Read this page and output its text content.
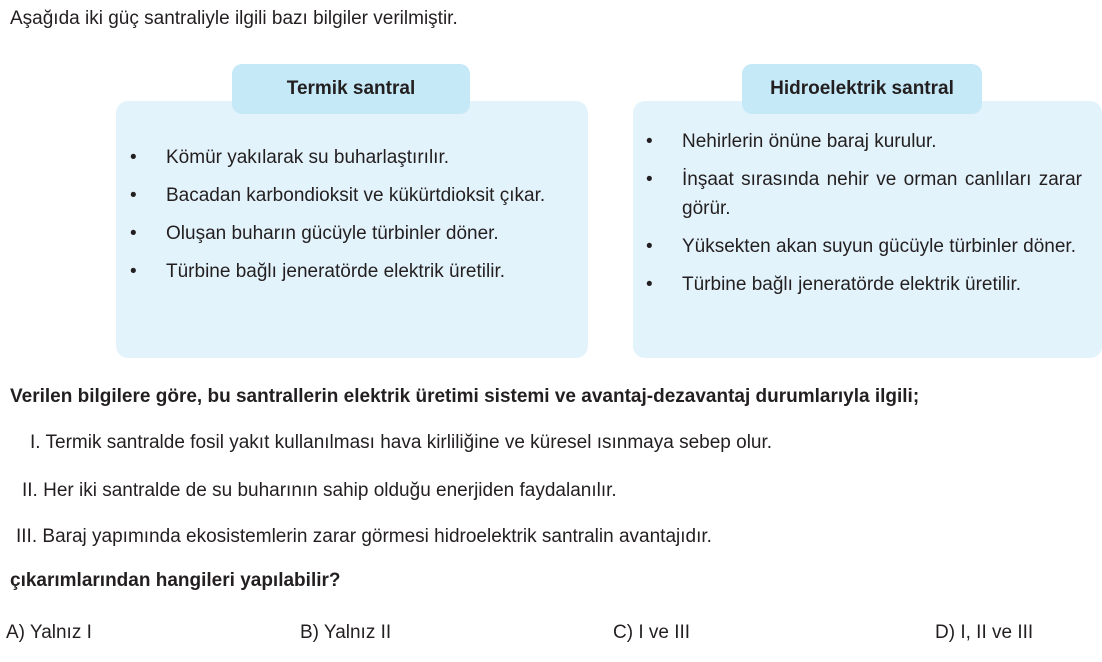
Aşağıda iki güç santraliyle ilgili bazı bilgiler verilmiştir.
Termik santral
• Kömür yakılarak su buharlaştırılır.
• Bacadan karbondioksit ve kükürtdioksit çıkar.
• Oluşan buharın gücüyle türbinler döner.
• Türbine bağlı jeneratörde elektrik üretilir.
Hidroelektrik santral
• Nehirlerin önüne baraj kurulur.
• İnşaat sırasında nehir ve orman canlıları zarar görür.
• Yüksekten akan suyun gücüyle türbinler döner.
• Türbine bağlı jeneratörde elektrik üretilir.
Verilen bilgilere göre, bu santrallerin elektrik üretimi sistemi ve avantaj-dezavantaj durumlarıyla ilgili;
I. Termik santralde fosil yakıt kullanılması hava kirliliğine ve küresel ısınmaya sebep olur.
II. Her iki santralde de su buharının sahip olduğu enerjiden faydalanılır.
III. Baraj yapımında ekosistemlerin zarar görmesi hidroelektrik santralin avantajıdır.
çıkarımlarından hangileri yapılabilir?
A) Yalnız I	B) Yalnız II	C) I ve III	D) I, II ve III
